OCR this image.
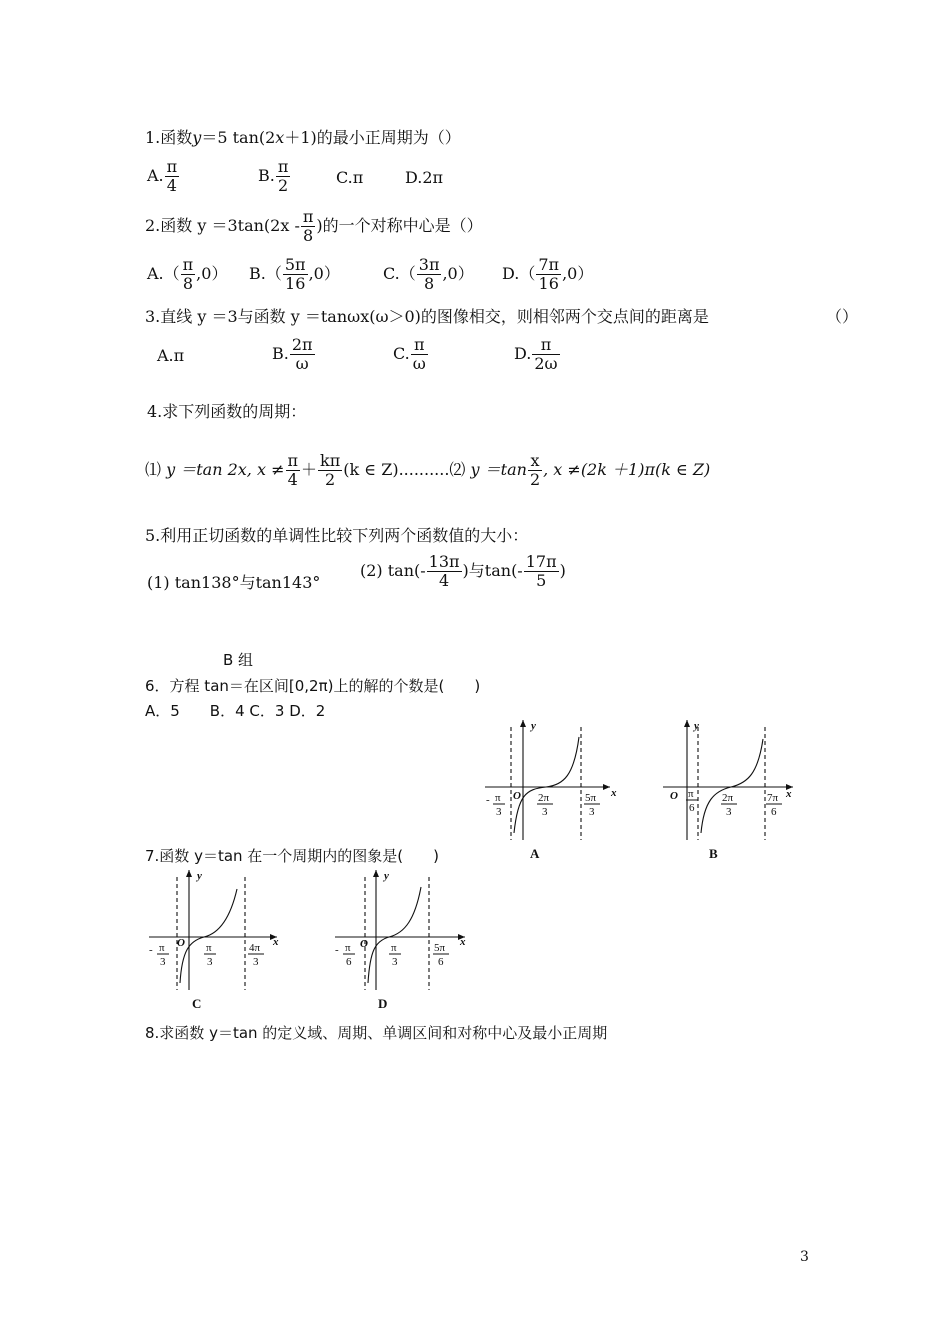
1.函数y＝5 tan(2x＋1)的最小正周期为（）
A. $\frac{\pi}{4}$	B. $\frac{\pi}{2}$	C.π	D.2π
2.函数 $y =3\tan(2x - \frac{\pi}{8}$ )的一个对称中心是（）
$A.( \frac{\pi}{8} ,0)$ $B.( \frac{5\pi}{16} ,0)$	$C.( \frac{3\pi}{8} ,0)$ $D.( \frac{7\pi}{16} ,0)$
3.直线 y ＝3与函数 y ＝tanωx(ω＞0)的图像相交，则相邻两个交点间的距离是	（）
A.π	B. $\frac{2\pi}{\omega}$	C. $\frac{\pi}{\omega}$	D. $\frac{\pi}{2\omega}$
4.求下列函数的周期：
⑴ y ＝tan 2x, $x \ne \frac{\pi}{4} + \frac{k\pi}{2} (k$ ∈ Z)..........⑵ $y =\tan \frac{x}{2}$ , x ≠(2k ＋1)π(k ∈ Z)
5.利用正切函数的单调性比较下列两个函数值的大小：
(1) tan138°与tan143°
(2) $\tan(- \frac{13\pi}{4}$ )与$\tan(- \frac{17\pi}{5}$ )
B 组
6．方程 tan＝在区间[0,2π)上的解的个数是(　　)
A．5　　B．4 C．3 D．2
7.函数 y＝tan 在一个周期内的图象是(　　)
y
x
O
- π
3
2π
3
5π
3
A
y
x
O π
6
2π
3
7π
6
B
y
x
O
- π
3
π
3
4π
3
C
y
x
O
- π
6
π
3
5π
6
D
8.求函数 y＝tan 的定义域、周期、单调区间和对称中心及最小正周期
3
